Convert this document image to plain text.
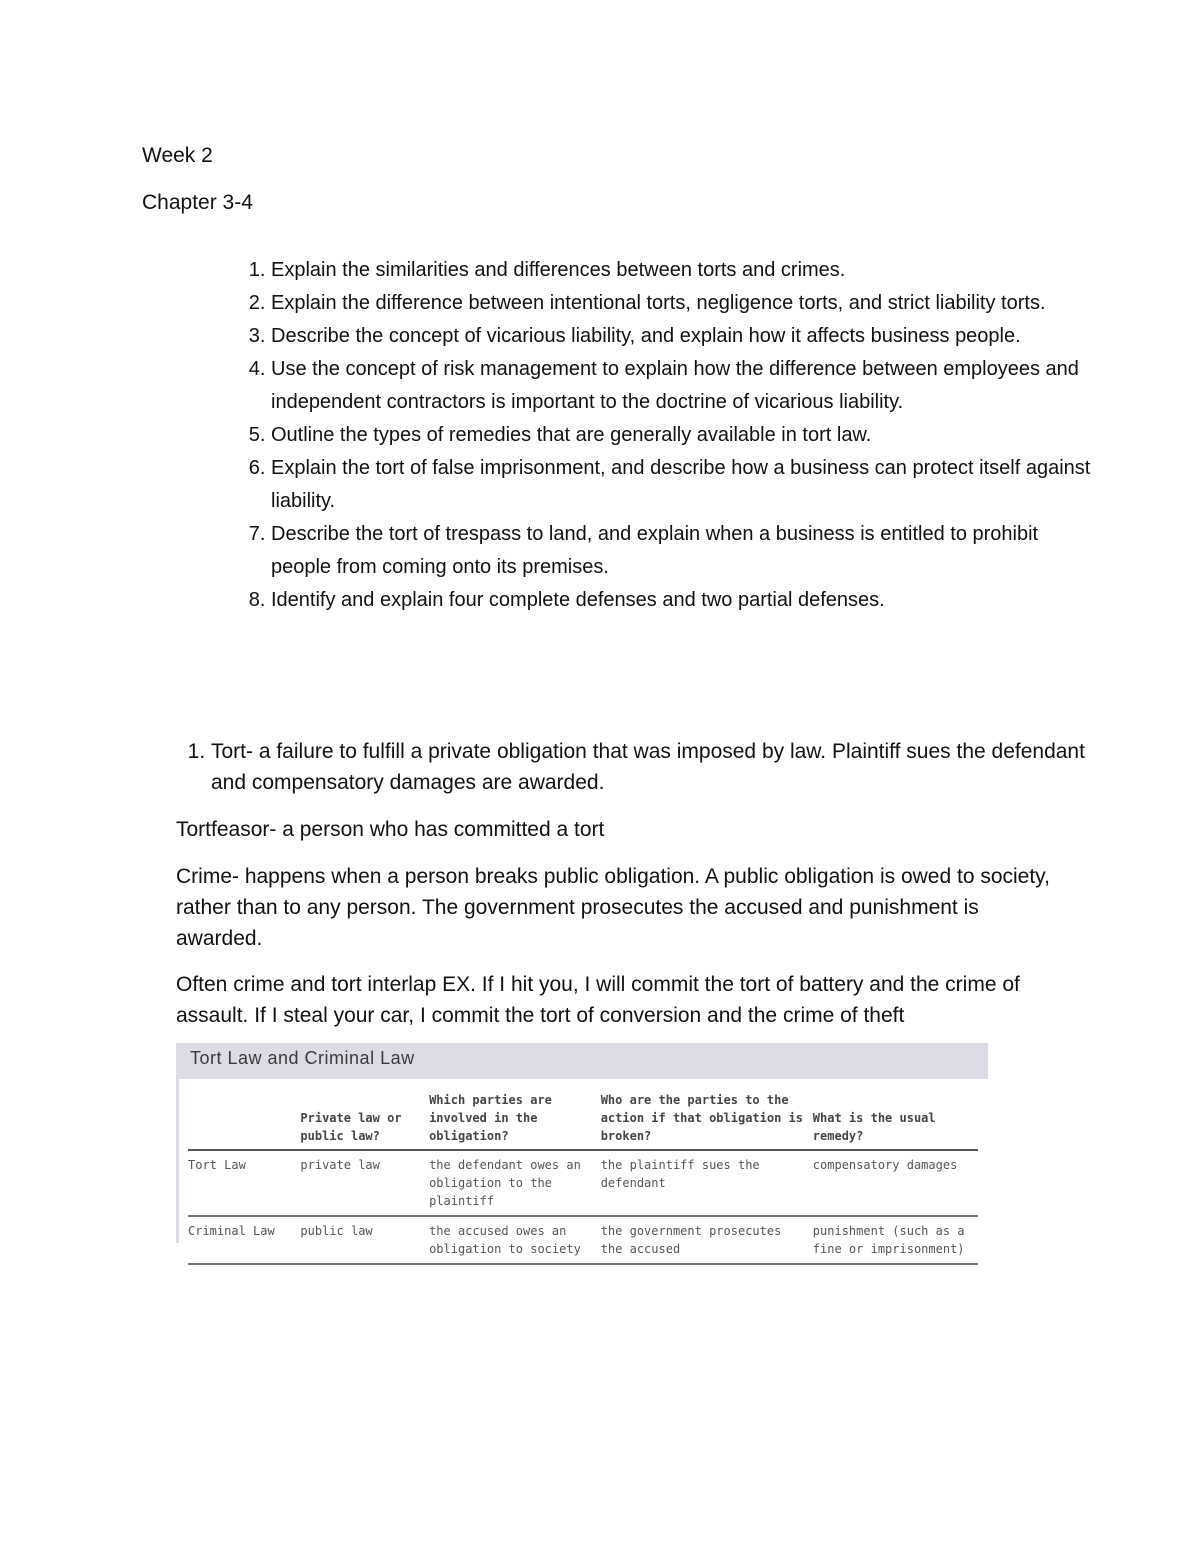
Week 2

Chapter 3-4

1. Explain the similarities and differences between torts and crimes.
2. Explain the difference between intentional torts, negligence torts, and strict liability torts.
3. Describe the concept of vicarious liability, and explain how it affects business people.
4. Use the concept of risk management to explain how the difference between employees and independent contractors is important to the doctrine of vicarious liability.
5. Outline the types of remedies that are generally available in tort law.
6. Explain the tort of false imprisonment, and describe how a business can protect itself against liability.
7. Describe the tort of trespass to land, and explain when a business is entitled to prohibit people from coming onto its premises.
8. Identify and explain four complete defenses and two partial defenses.
1. Tort- a failure to fulfill a private obligation that was imposed by law. Plaintiff sues the defendant and compensatory damages are awarded.

Tortfeasor- a person who has committed a tort

Crime- happens when a person breaks public obligation. A public obligation is owed to society, rather than to any person. The government prosecutes the accused and punishment is awarded.

Often crime and tort interlap EX. If I hit you, I will commit the tort of battery and the crime of assault. If I steal your car, I commit the tort of conversion and the crime of theft

Tort Law and Criminal Law
	Private law or public law?	Which parties are involved in the obligation?	Who are the parties to the action if that obligation is broken?	What is the usual remedy?
Tort Law	private law	the defendant owes an obligation to the plaintiff	the plaintiff sues the defendant	compensatory damages
Criminal Law	public law	the accused owes an obligation to society	the government prosecutes the accused	punishment (such as a fine or imprisonment)
